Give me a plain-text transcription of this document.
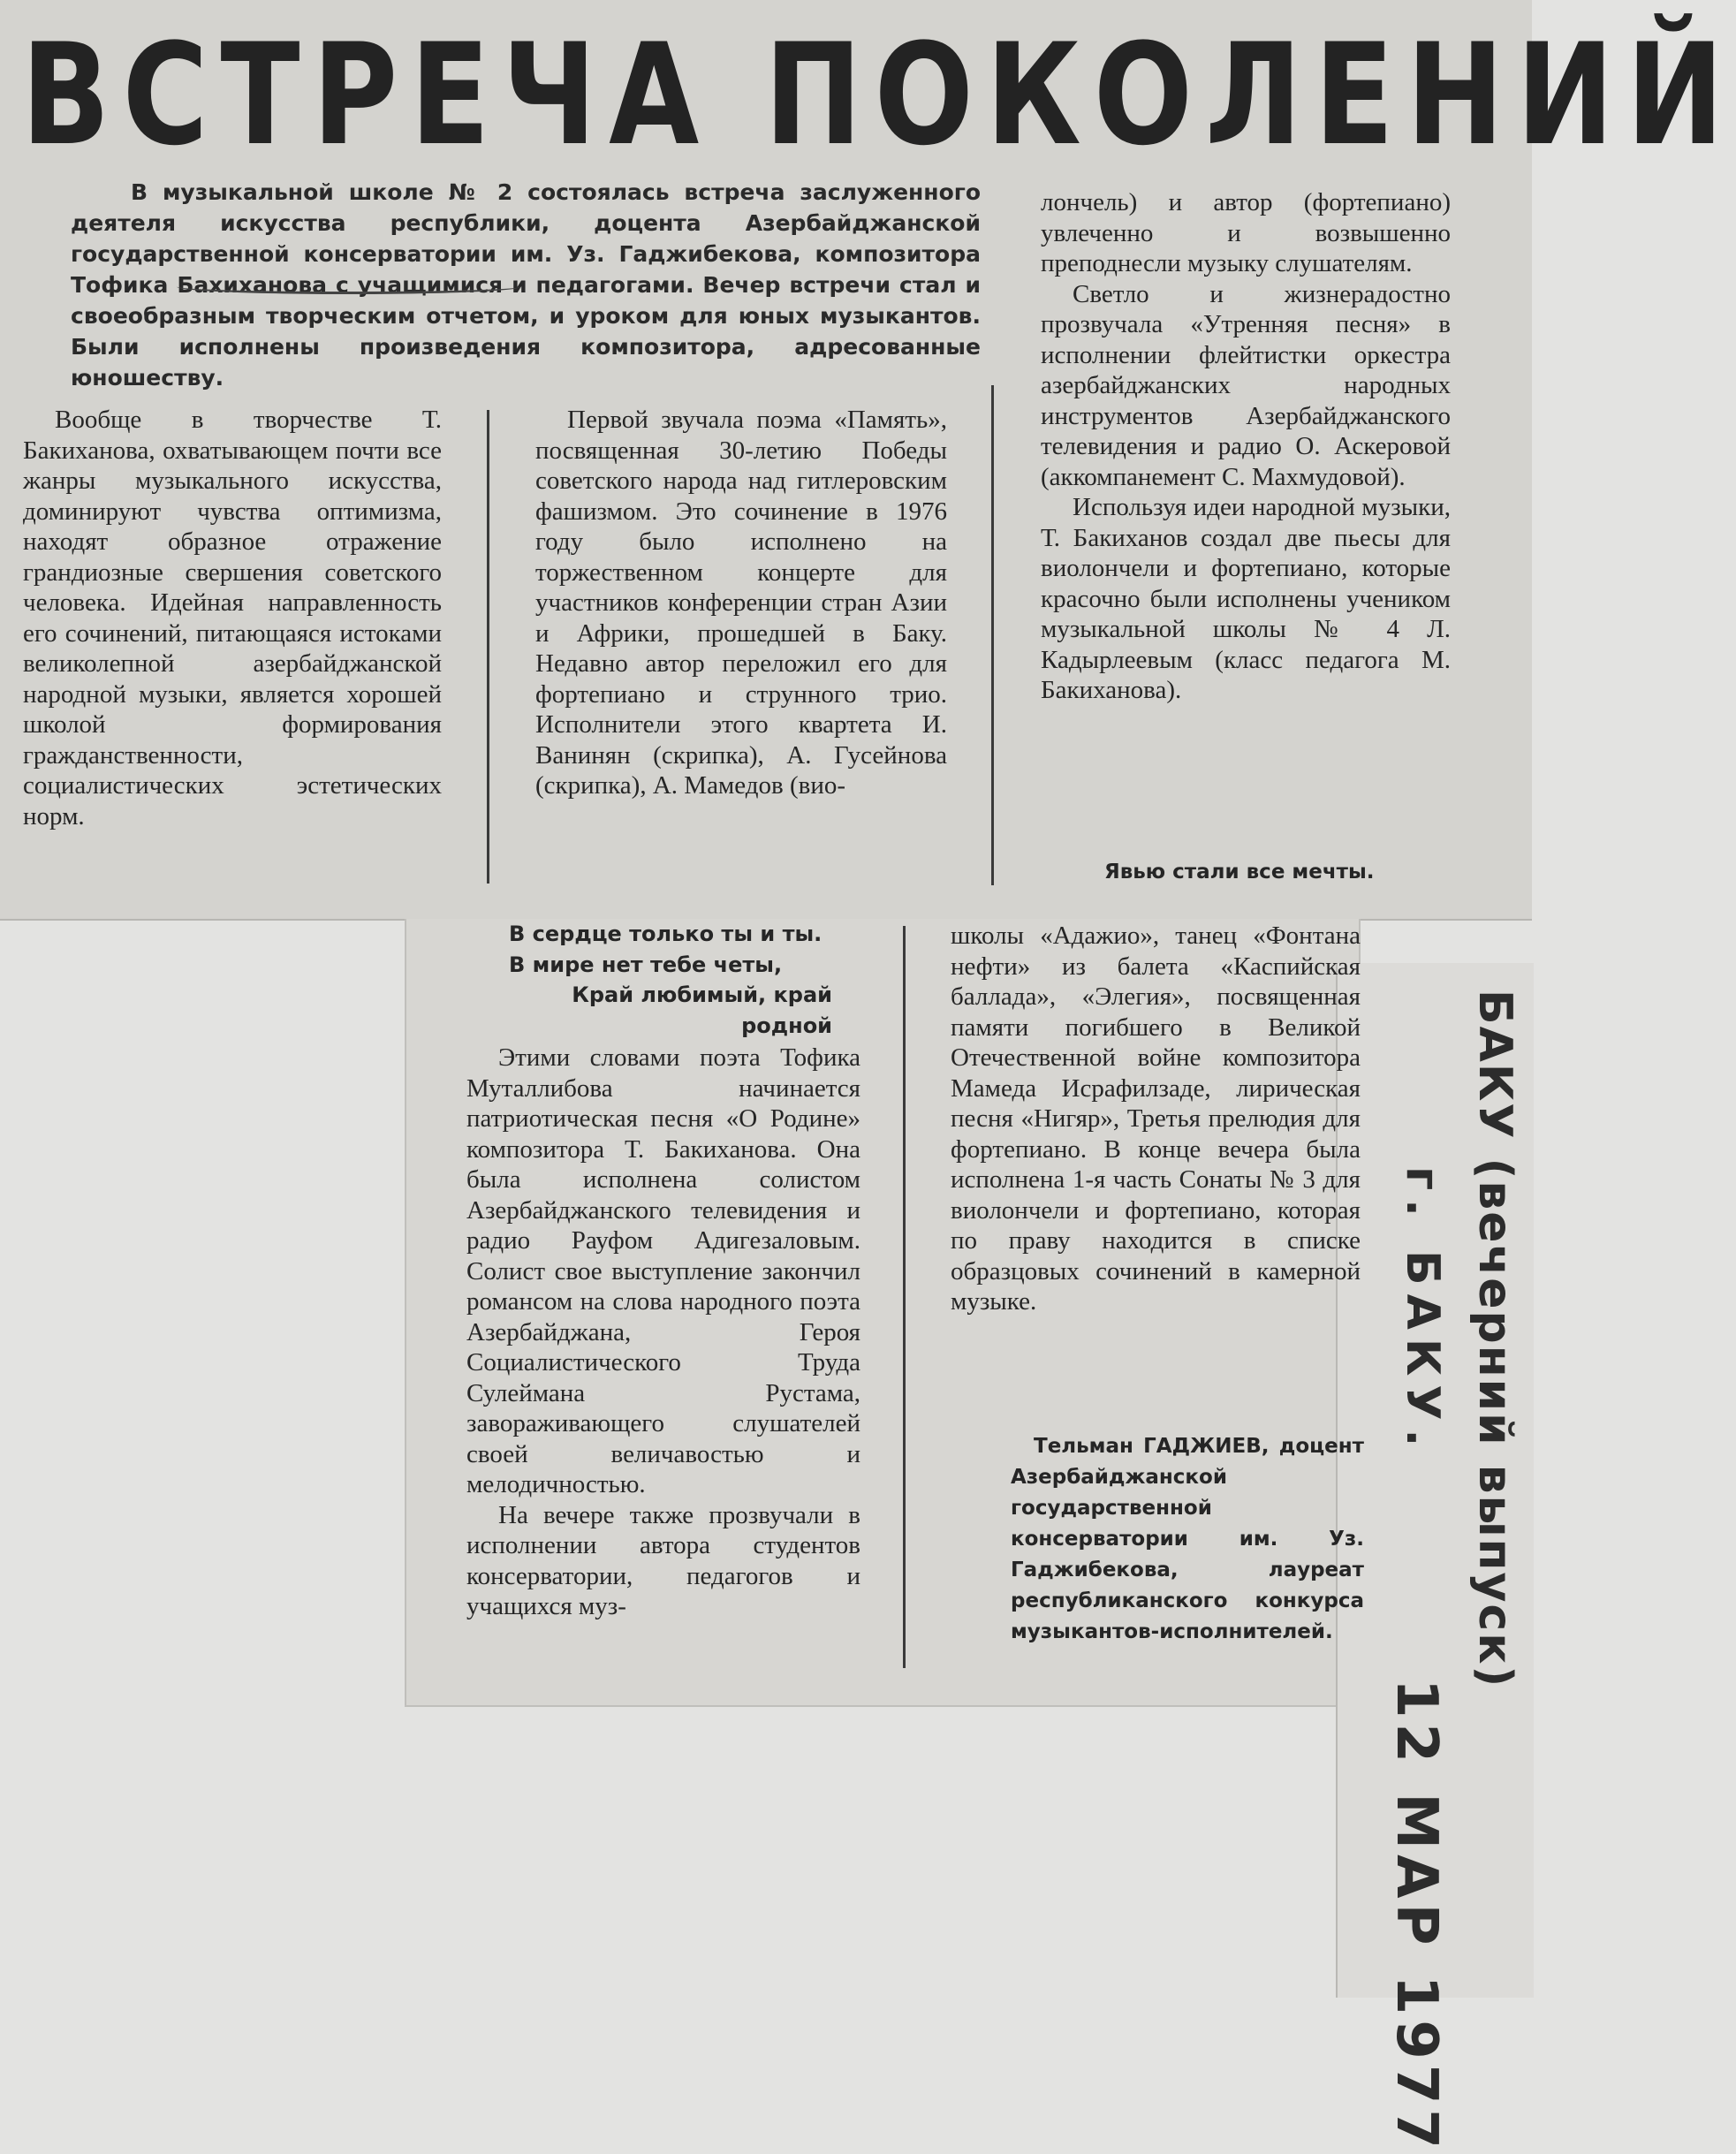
ВСТРЕЧА ПОКОЛЕНИЙ

В музыкальной школе № 2 состоялась встреча заслуженного деятеля искусства республики, доцента Азербайджанской государственной консерватории им. Уз. Гаджибекова, композитора Тофика Бахиханова с учащимися и педагогами. Вечер встречи стал и своеобразным творческим отчетом, и уроком для юных музыкантов. Были исполнены произведения композитора, адресованные юношеству.

Вообще в творчестве Т. Бакиханова, охватывающем почти все жанры музыкального искусства, доминируют чувства оптимизма, находят образное отражение грандиозные свершения советского человека. Идейная направленность его сочинений, питающаяся истоками великолепной азербайджанской народной музыки, является хорошей школой формирования гражданственности, социалистических эстетических норм.

Первой звучала поэма «Память», посвященная 30-летию Победы советского народа над гитлеровским фашизмом. Это сочинение в 1976 году было исполнено на торжественном концерте для участников конференции стран Азии и Африки, прошедшей в Баку. Недавно автор переложил его для фортепиано и струнного трио. Исполнители этого квартета И. Ванинян (скрипка), А. Гусейнова (скрипка), А. Мамедов (вио-

лончель) и автор (фортепиано) увлеченно и возвышенно преподнесли музыку слушателям.

Светло и жизнерадостно прозвучала «Утренняя песня» в исполнении флейтистки оркестра азербайджанских народных инструментов Азербайджанского телевидения и радио О. Аскеровой (аккомпанемент С. Махмудовой).

Используя идеи народной музыки, Т. Бакиханов создал две пьесы для виолончели и фортепиано, которые красочно были исполнены учеником музыкальной школы № 4 Л. Кадырлеевым (класс педагога М. Бакиханова).

Явью стали все мечты.
В сердце только ты и ты.
В мире нет тебе четы,
Край любимый, край
родной

Этими словами поэта Тофика Муталлибова начинается патриотическая песня «О Родине» композитора Т. Бакиханова. Она была исполнена солистом Азербайджанского телевидения и радио Рауфом Адигезаловым. Солист свое выступление закончил романсом на слова народного поэта Азербайджана, Героя Социалистического Труда Сулеймана Рустама, завораживающего слушателей своей величавостью и мелодичностью.

На вечере также прозвучали в исполнении автора студентов консерватории, педагогов и учащихся муз-

школы «Адажио», танец «Фонтана нефти» из балета «Каспийская баллада», «Элегия», посвященная памяти погибшего в Великой Отечественной войне композитора Мамеда Исрафилзаде, лирическая песня «Нигяр», Третья прелюдия для фортепиано. В конце вечера была исполнена 1-я часть Сонаты № 3 для виолончели и фортепиано, которая по праву находится в списке образцовых сочинений в камерной музыке.

Тельман ГАДЖИЕВ, доцент Азербайджанской государственной консерватории им. Уз. Гаджибекова, лауреат республиканского конкурса музыкантов-исполнителей.	БАКУ (вечерний выпуск)
г. БАКУ.
12 МАР 1977
